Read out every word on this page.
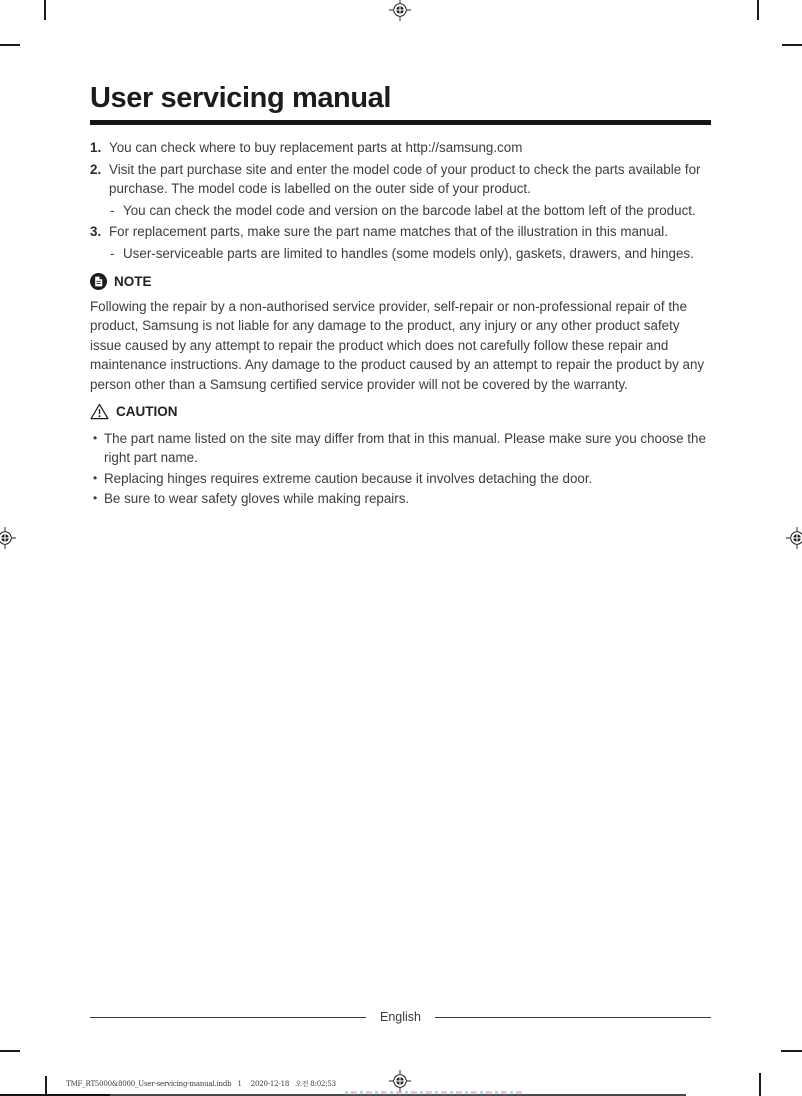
User servicing manual
1. You can check where to buy replacement parts at http://samsung.com
2. Visit the part purchase site and enter the model code of your product to check the parts available for purchase. The model code is labelled on the outer side of your product.
- You can check the model code and version on the barcode label at the bottom left of the product.
3. For replacement parts, make sure the part name matches that of the illustration in this manual.
- User-serviceable parts are limited to handles (some models only), gaskets, drawers, and hinges.
NOTE

Following the repair by a non-authorised service provider, self-repair or non-professional repair of the product, Samsung is not liable for any damage to the product, any injury or any other product safety issue caused by any attempt to repair the product which does not carefully follow these repair and maintenance instructions. Any damage to the product caused by an attempt to repair the product by any person other than a Samsung certified service provider will not be covered by the warranty.

CAUTION
• The part name listed on the site may differ from that in this manual. Please make sure you choose the right part name.
• Replacing hinges requires extreme caution because it involves detaching the door.
• Be sure to wear safety gloves while making repairs.
English

TMF_RT5000&8000_User-servicing-manual.indb   1 2020-12-18   오전 8:02:53
